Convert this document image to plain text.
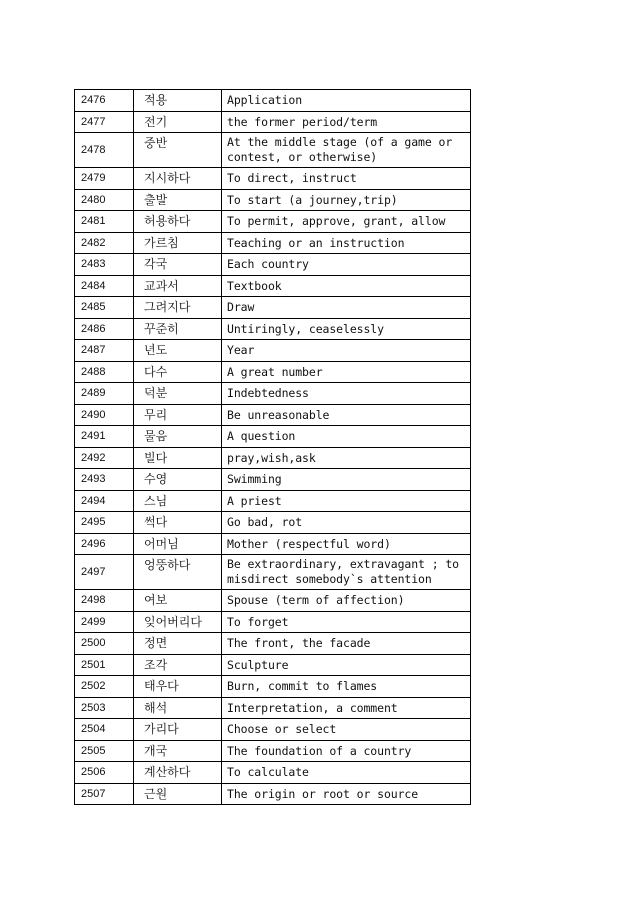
2476	적용	Application
2477	전기	the former period/term
2478	중반	At the middle stage (of a game or contest, or otherwise)
2479	지시하다	To direct, instruct
2480	출발	To start (a journey,trip)
2481	허용하다	To permit, approve, grant, allow
2482	가르침	Teaching or an instruction
2483	각국	Each country
2484	교과서	Textbook
2485	그려지다	Draw
2486	꾸준히	Untiringly, ceaselessly
2487	년도	Year
2488	다수	A great number
2489	덕분	Indebtedness
2490	무리	Be unreasonable
2491	물음	A question
2492	빌다	pray,wish,ask
2493	수영	Swimming
2494	스님	A priest
2495	썩다	Go bad, rot
2496	어머님	Mother (respectful word)
2497	엉뚱하다	Be extraordinary, extravagant ; to misdirect somebody`s attention
2498	여보	Spouse (term of affection)
2499	잊어버리다	To forget
2500	정면	The front, the facade
2501	조각	Sculpture
2502	태우다	Burn, commit to flames
2503	해석	Interpretation, a comment
2504	가리다	Choose or select
2505	개국	The foundation of a country
2506	계산하다	To calculate
2507	근원	The origin or root or source
